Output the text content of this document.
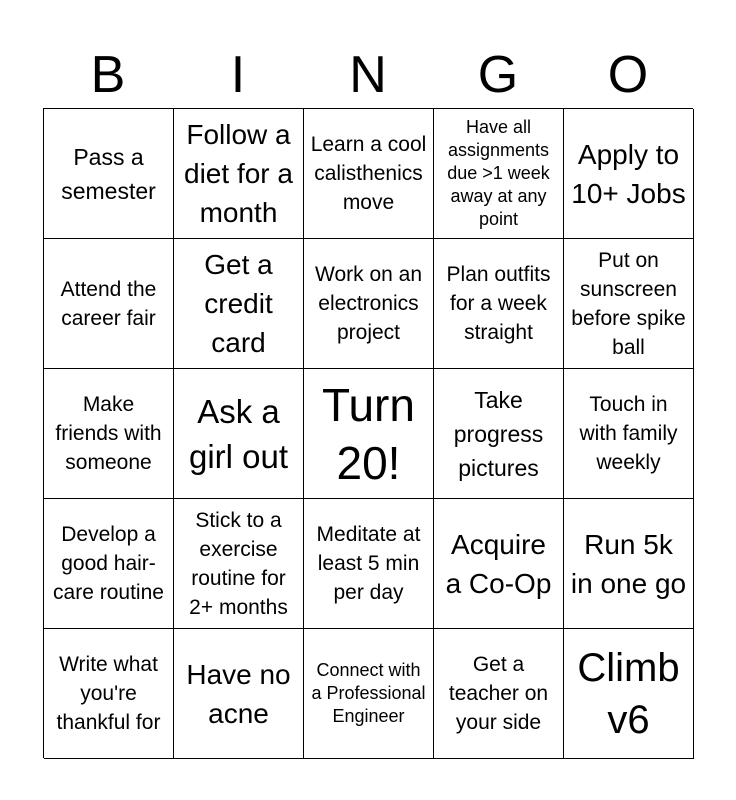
B	I	N	G	O
Pass a semester
Follow a diet for a month
Learn a cool calisthenics move
Have all assignments due >1 week away at any point
Apply to 10+ Jobs
Attend the career fair
Get a credit card
Work on an electronics project
Plan outfits for a week straight
Put on sunscreen before spike ball
Make friends with someone
Ask a girl out
Turn 20!
Take progress pictures
Touch in with family weekly
Develop a good hair-care routine
Stick to a exercise routine for 2+ months
Meditate at least 5 min per day
Acquire a Co-Op
Run 5k in one go
Write what you're thankful for
Have no acne
Connect with a Professional Engineer
Get a teacher on your side
Climb v6
